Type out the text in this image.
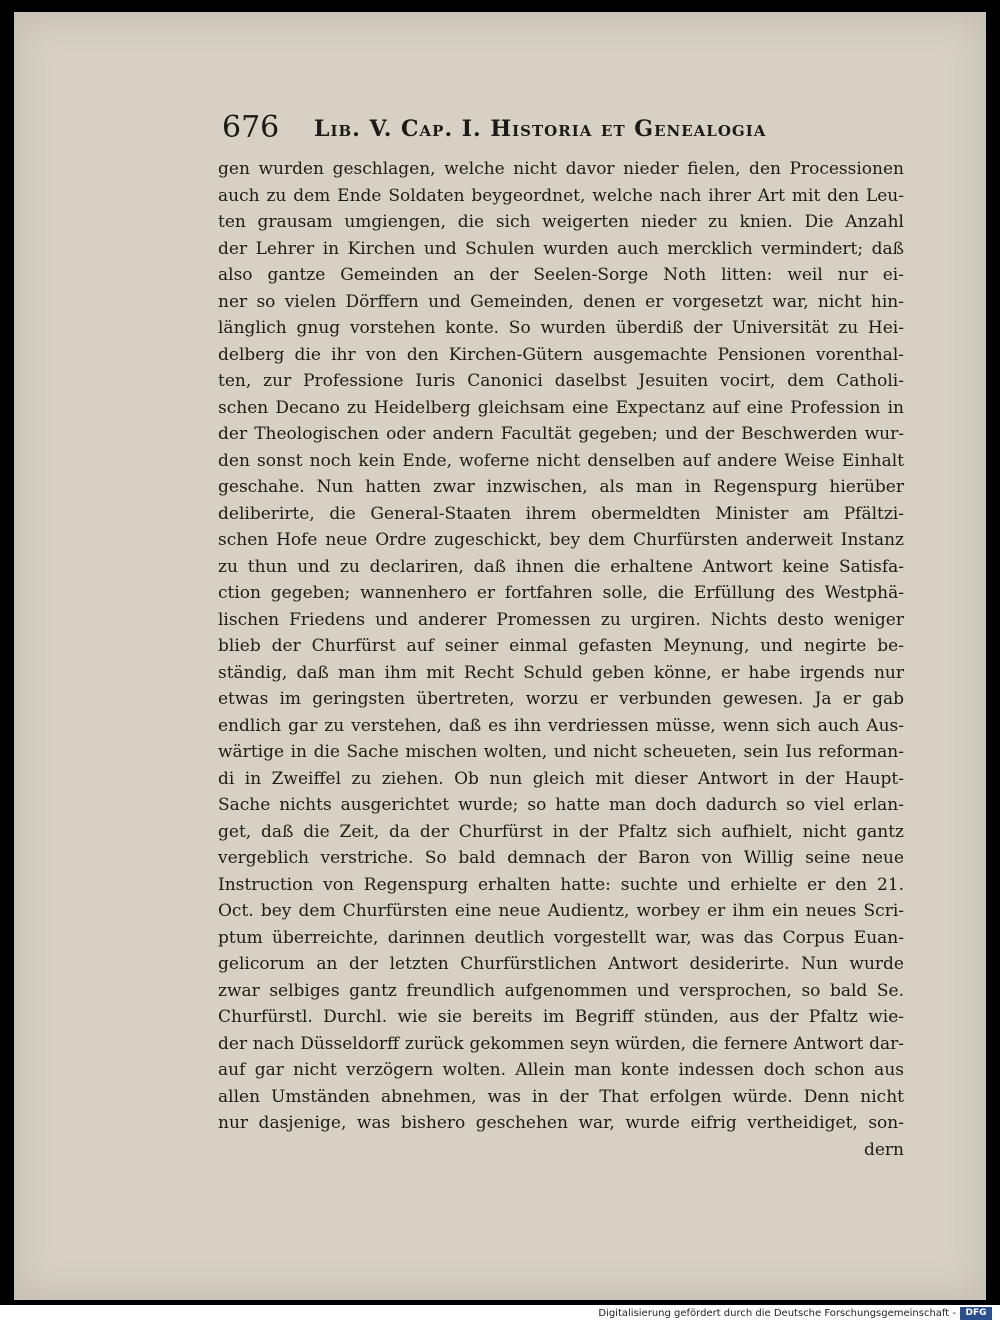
676 Lib. V. Cap. I. Historia et Genealogia
gen wurden geschlagen, welche nicht davor nieder fielen, den Processionen
auch zu dem Ende Soldaten beygeordnet, welche nach ihrer Art mit den Leu-
ten grausam umgiengen, die sich weigerten nieder zu knien. Die Anzahl
der Lehrer in Kirchen und Schulen wurden auch mercklich vermindert; daß
also gantze Gemeinden an der Seelen-Sorge Noth litten: weil nur ei-
ner so vielen Dörffern und Gemeinden, denen er vorgesetzt war, nicht hin-
länglich gnug vorstehen konte. So wurden überdiß der Universität zu Hei-
delberg die ihr von den Kirchen-Gütern ausgemachte Pensionen vorenthal-
ten, zur Professione Iuris Canonici daselbst Jesuiten vocirt, dem Catholi-
schen Decano zu Heidelberg gleichsam eine Expectanz auf eine Profession in
der Theologischen oder andern Facultät gegeben; und der Beschwerden wur-
den sonst noch kein Ende, woferne nicht denselben auf andere Weise Einhalt
geschahe. Nun hatten zwar inzwischen, als man in Regenspurg hierüber
deliberirte, die General-Staaten ihrem obermeldten Minister am Pfältzi-
schen Hofe neue Ordre zugeschickt, bey dem Churfürsten anderweit Instanz
zu thun und zu declariren, daß ihnen die erhaltene Antwort keine Satisfa-
ction gegeben; wannenhero er fortfahren solle, die Erfüllung des Westphä-
lischen Friedens und anderer Promessen zu urgiren. Nichts desto weniger
blieb der Churfürst auf seiner einmal gefasten Meynung, und negirte be-
ständig, daß man ihm mit Recht Schuld geben könne, er habe irgends nur
etwas im geringsten übertreten, worzu er verbunden gewesen. Ja er gab
endlich gar zu verstehen, daß es ihn verdriessen müsse, wenn sich auch Aus-
wärtige in die Sache mischen wolten, und nicht scheueten, sein Ius reforman-
di in Zweiffel zu ziehen. Ob nun gleich mit dieser Antwort in der Haupt-
Sache nichts ausgerichtet wurde; so hatte man doch dadurch so viel erlan-
get, daß die Zeit, da der Churfürst in der Pfaltz sich aufhielt, nicht gantz
vergeblich verstriche. So bald demnach der Baron von Willig seine neue
Instruction von Regenspurg erhalten hatte: suchte und erhielte er den 21.
Oct. bey dem Churfürsten eine neue Audientz, worbey er ihm ein neues Scri-
ptum überreichte, darinnen deutlich vorgestellt war, was das Corpus Euan-
gelicorum an der letzten Churfürstlichen Antwort desiderirte. Nun wurde
zwar selbiges gantz freundlich aufgenommen und versprochen, so bald Se.
Churfürstl. Durchl. wie sie bereits im Begriff stünden, aus der Pfaltz wie-
der nach Düsseldorff zurück gekommen seyn würden, die fernere Antwort dar-
auf gar nicht verzögern wolten. Allein man konte indessen doch schon aus
allen Umständen abnehmen, was in der That erfolgen würde. Denn nicht
nur dasjenige, was bishero geschehen war, wurde eifrig vertheidiget, son-
dern
Digitalisierung gefördert durch die Deutsche Forschungsgemeinschaft -	DFG
